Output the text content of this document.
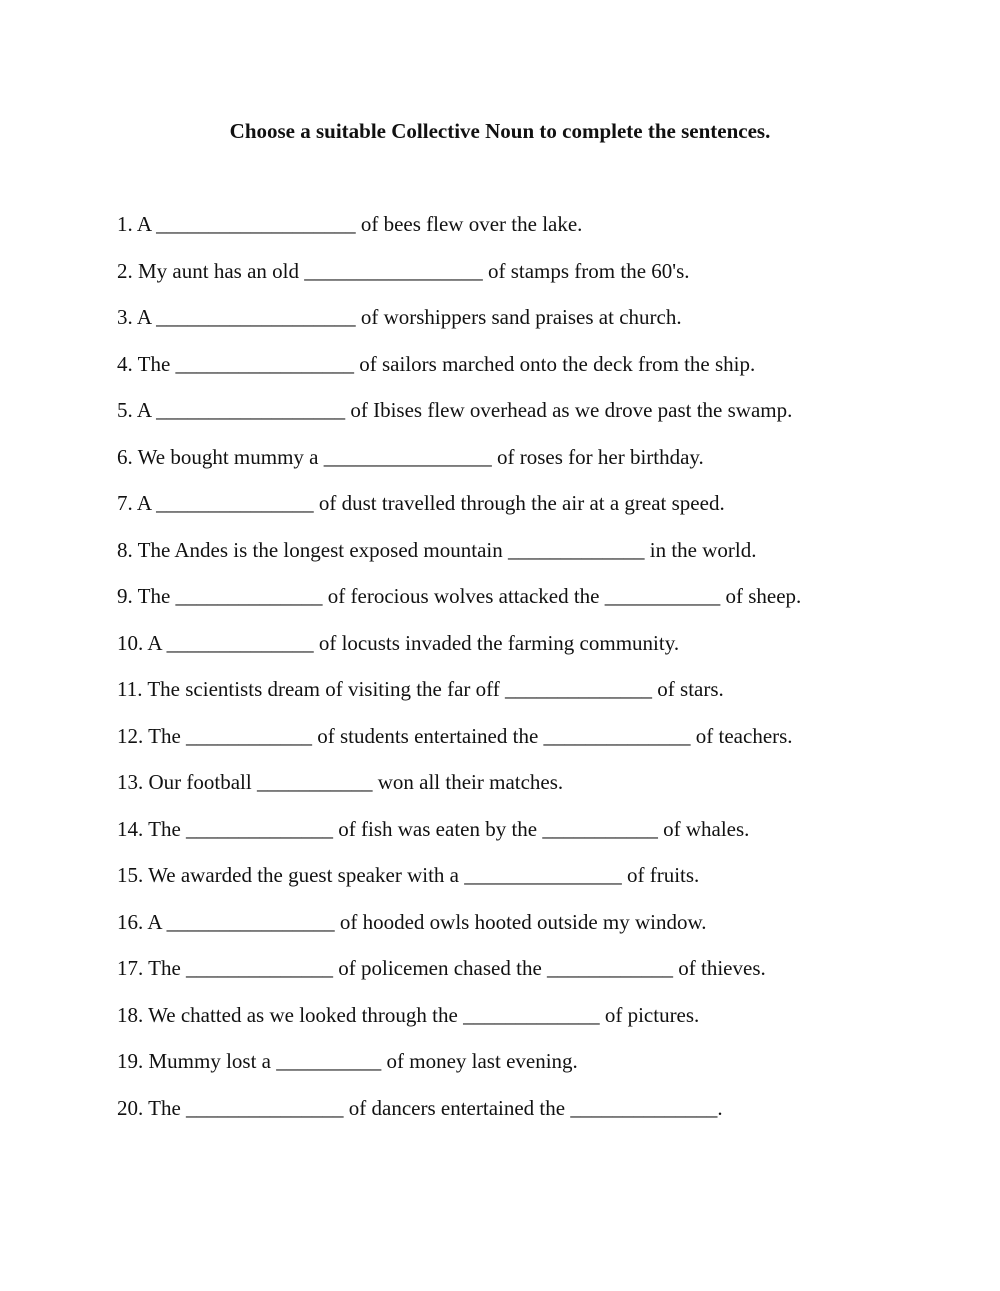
Choose a suitable Collective Noun to complete the sentences.
1. A ___________________ of bees flew over the lake.
2. My aunt has an old _________________ of stamps from the 60's.
3. A ___________________ of worshippers sand praises at church.
4. The _________________ of sailors marched onto the deck from the ship.
5. A __________________ of Ibises flew overhead as we drove past the swamp.
6. We bought mummy a ________________ of roses for her birthday.
7. A _______________ of dust travelled through the air at a great speed.
8. The Andes is the longest exposed mountain _____________ in the world.
9. The ______________ of ferocious wolves attacked the ___________ of sheep.
10. A ______________ of locusts invaded the farming community.
11. The scientists dream of visiting the far off ______________ of stars.
12. The ____________ of students entertained the ______________ of teachers.
13. Our football ___________ won all their matches.
14. The ______________ of fish was eaten by the ___________ of whales.
15. We awarded the guest speaker with a _______________ of fruits.
16. A ________________ of hooded owls hooted outside my window.
17. The ______________ of policemen chased the ____________ of thieves.
18. We chatted as we looked through the _____________ of pictures.
19. Mummy lost a __________ of money last evening.
20. The _______________ of dancers entertained the ______________.
